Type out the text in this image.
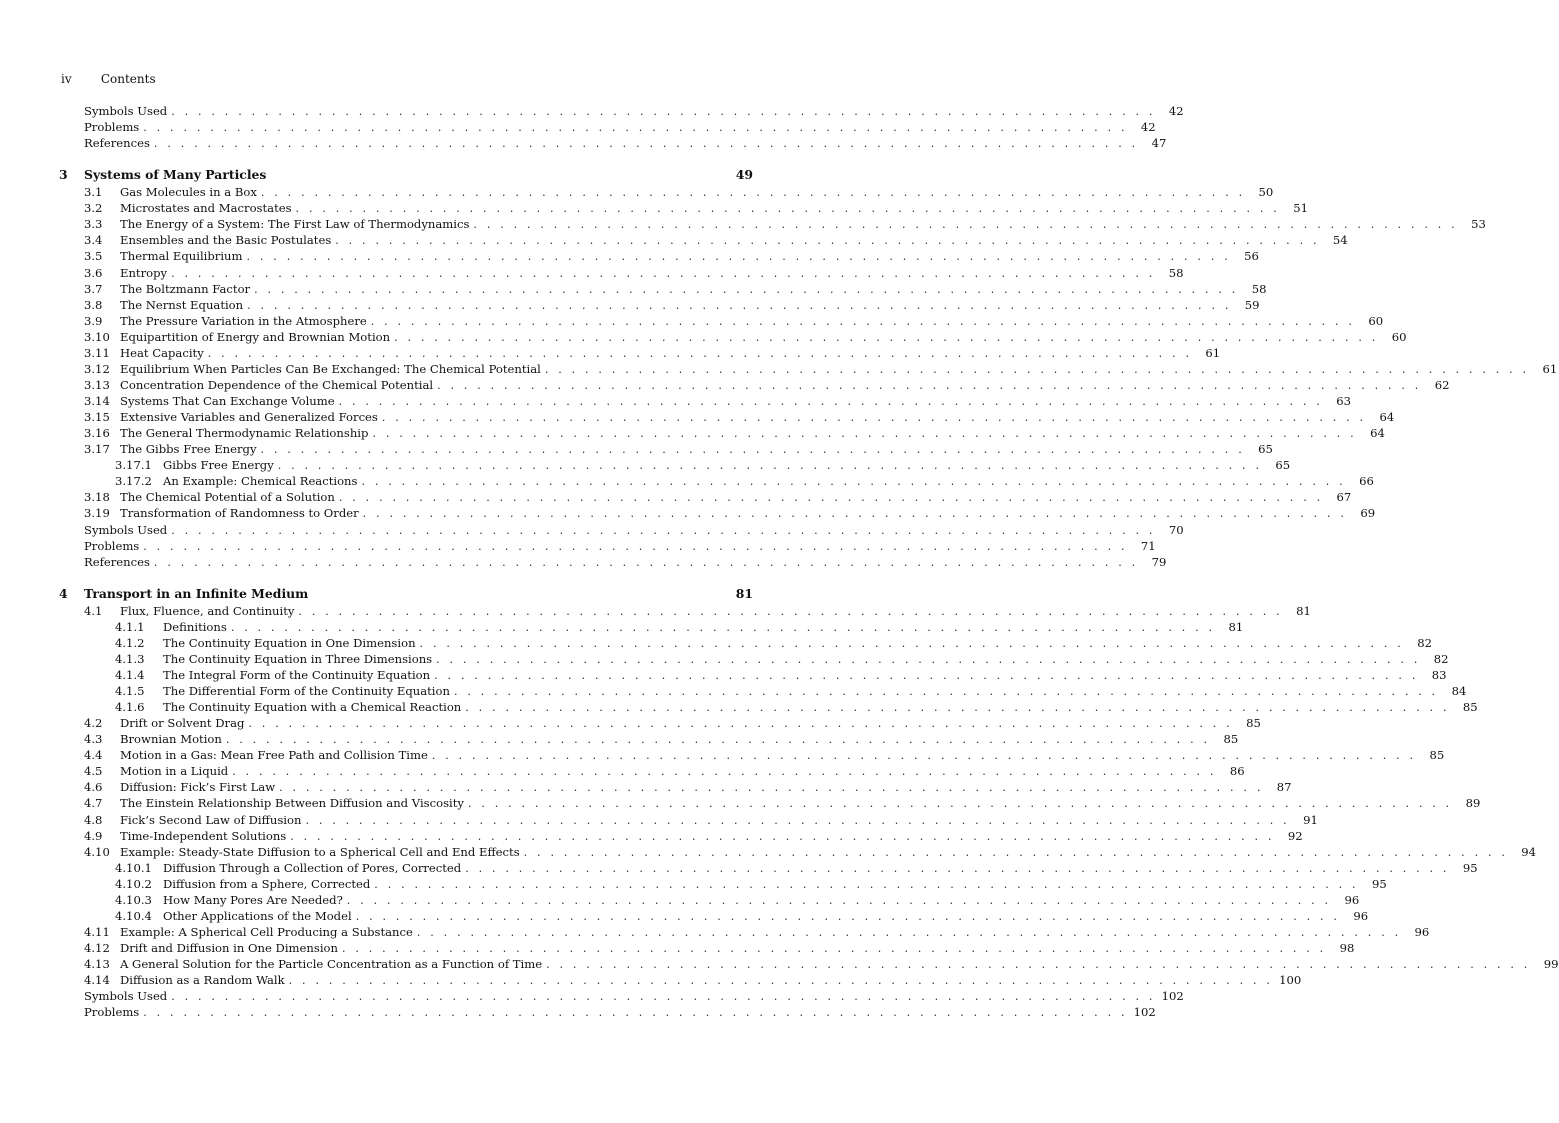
iv Contents
Symbols Used . . . . . . . . . . . . . . . . . . . . . . . . . . . . . . . . . . . . . . . . . . . . . . . . . . . . . . . . . . . . . . . . . . . . . . . . . .	42
Problems . . . . . . . . . . . . . . . . . . . . . . . . . . . . . . . . . . . . . . . . . . . . . . . . . . . . . . . . . . . . . . . . . . . . . . . . . .	42
References . . . . . . . . . . . . . . . . . . . . . . . . . . . . . . . . . . . . . . . . . . . . . . . . . . . . . . . . . . . . . . . . . . . . . . . . . .	47
3 Systems of Many Particles	49
3.1 Gas Molecules in a Box . . . . . . . . . . . . . . . . . . . . . . . . . . . . . . . . . . . . . . . . . . . . . . . . . . . . . . . . . . . . . . . . . . . . . . . . . .	50
3.2 Microstates and Macrostates . . . . . . . . . . . . . . . . . . . . . . . . . . . . . . . . . . . . . . . . . . . . . . . . . . . . . . . . . . . . . . . . . . . . . . . . . .	51
3.3 The Energy of a System: The First Law of Thermodynamics . . . . . . . . . . . . . . . . . . . . . . . . . . . . . . . . . . . . . . . . . . . . . . . . . . . . . . . . . . . . . . . . . . . . . . . . . .	53
3.4 Ensembles and the Basic Postulates . . . . . . . . . . . . . . . . . . . . . . . . . . . . . . . . . . . . . . . . . . . . . . . . . . . . . . . . . . . . . . . . . . . . . . . . . .	54
3.5 Thermal Equilibrium . . . . . . . . . . . . . . . . . . . . . . . . . . . . . . . . . . . . . . . . . . . . . . . . . . . . . . . . . . . . . . . . . . . . . . . . . .	56
3.6 Entropy . . . . . . . . . . . . . . . . . . . . . . . . . . . . . . . . . . . . . . . . . . . . . . . . . . . . . . . . . . . . . . . . . . . . . . . . . .	58
3.7 The Boltzmann Factor . . . . . . . . . . . . . . . . . . . . . . . . . . . . . . . . . . . . . . . . . . . . . . . . . . . . . . . . . . . . . . . . . . . . . . . . . .	58
3.8 The Nernst Equation . . . . . . . . . . . . . . . . . . . . . . . . . . . . . . . . . . . . . . . . . . . . . . . . . . . . . . . . . . . . . . . . . . . . . . . . . .	59
3.9 The Pressure Variation in the Atmosphere . . . . . . . . . . . . . . . . . . . . . . . . . . . . . . . . . . . . . . . . . . . . . . . . . . . . . . . . . . . . . . . . . . . . . . . . . .	60
3.10 Equipartition of Energy and Brownian Motion . . . . . . . . . . . . . . . . . . . . . . . . . . . . . . . . . . . . . . . . . . . . . . . . . . . . . . . . . . . . . . . . . . . . . . . . . .	60
3.11 Heat Capacity . . . . . . . . . . . . . . . . . . . . . . . . . . . . . . . . . . . . . . . . . . . . . . . . . . . . . . . . . . . . . . . . . . . . . . . . . .	61
3.12 Equilibrium When Particles Can Be Exchanged: The Chemical Potential . . . . . . . . . . . . . . . . . . . . . . . . . . . . . . . . . . . . . . . . . . . . . . . . . . . . . . . . . . . . . . . . . . . . . . . . . .	61
3.13 Concentration Dependence of the Chemical Potential . . . . . . . . . . . . . . . . . . . . . . . . . . . . . . . . . . . . . . . . . . . . . . . . . . . . . . . . . . . . . . . . . . . . . . . . . .	62
3.14 Systems That Can Exchange Volume . . . . . . . . . . . . . . . . . . . . . . . . . . . . . . . . . . . . . . . . . . . . . . . . . . . . . . . . . . . . . . . . . . . . . . . . . .	63
3.15 Extensive Variables and Generalized Forces . . . . . . . . . . . . . . . . . . . . . . . . . . . . . . . . . . . . . . . . . . . . . . . . . . . . . . . . . . . . . . . . . . . . . . . . . .	64
3.16 The General Thermodynamic Relationship . . . . . . . . . . . . . . . . . . . . . . . . . . . . . . . . . . . . . . . . . . . . . . . . . . . . . . . . . . . . . . . . . . . . . . . . . .	64
3.17 The Gibbs Free Energy . . . . . . . . . . . . . . . . . . . . . . . . . . . . . . . . . . . . . . . . . . . . . . . . . . . . . . . . . . . . . . . . . . . . . . . . . .	65
3.17.1 Gibbs Free Energy . . . . . . . . . . . . . . . . . . . . . . . . . . . . . . . . . . . . . . . . . . . . . . . . . . . . . . . . . . . . . . . . . . . . . . . . . .	65
3.17.2 An Example: Chemical Reactions . . . . . . . . . . . . . . . . . . . . . . . . . . . . . . . . . . . . . . . . . . . . . . . . . . . . . . . . . . . . . . . . . . . . . . . . . .	66
3.18 The Chemical Potential of a Solution . . . . . . . . . . . . . . . . . . . . . . . . . . . . . . . . . . . . . . . . . . . . . . . . . . . . . . . . . . . . . . . . . . . . . . . . . .	67
3.19 Transformation of Randomness to Order . . . . . . . . . . . . . . . . . . . . . . . . . . . . . . . . . . . . . . . . . . . . . . . . . . . . . . . . . . . . . . . . . . . . . . . . . .	69
Symbols Used . . . . . . . . . . . . . . . . . . . . . . . . . . . . . . . . . . . . . . . . . . . . . . . . . . . . . . . . . . . . . . . . . . . . . . . . . .	70
Problems . . . . . . . . . . . . . . . . . . . . . . . . . . . . . . . . . . . . . . . . . . . . . . . . . . . . . . . . . . . . . . . . . . . . . . . . . .	71
References . . . . . . . . . . . . . . . . . . . . . . . . . . . . . . . . . . . . . . . . . . . . . . . . . . . . . . . . . . . . . . . . . . . . . . . . . .	79
4 Transport in an Infinite Medium	81
4.1 Flux, Fluence, and Continuity . . . . . . . . . . . . . . . . . . . . . . . . . . . . . . . . . . . . . . . . . . . . . . . . . . . . . . . . . . . . . . . . . . . . . . . . . .	81
4.1.1 Definitions . . . . . . . . . . . . . . . . . . . . . . . . . . . . . . . . . . . . . . . . . . . . . . . . . . . . . . . . . . . . . . . . . . . . . . . . . .	81
4.1.2 The Continuity Equation in One Dimension . . . . . . . . . . . . . . . . . . . . . . . . . . . . . . . . . . . . . . . . . . . . . . . . . . . . . . . . . . . . . . . . . . . . . . . . . .	82
4.1.3 The Continuity Equation in Three Dimensions . . . . . . . . . . . . . . . . . . . . . . . . . . . . . . . . . . . . . . . . . . . . . . . . . . . . . . . . . . . . . . . . . . . . . . . . . .	82
4.1.4 The Integral Form of the Continuity Equation . . . . . . . . . . . . . . . . . . . . . . . . . . . . . . . . . . . . . . . . . . . . . . . . . . . . . . . . . . . . . . . . . . . . . . . . . .	83
4.1.5 The Differential Form of the Continuity Equation . . . . . . . . . . . . . . . . . . . . . . . . . . . . . . . . . . . . . . . . . . . . . . . . . . . . . . . . . . . . . . . . . . . . . . . . . .	84
4.1.6 The Continuity Equation with a Chemical Reaction . . . . . . . . . . . . . . . . . . . . . . . . . . . . . . . . . . . . . . . . . . . . . . . . . . . . . . . . . . . . . . . . . . . . . . . . . .	85
4.2 Drift or Solvent Drag . . . . . . . . . . . . . . . . . . . . . . . . . . . . . . . . . . . . . . . . . . . . . . . . . . . . . . . . . . . . . . . . . . . . . . . . . .	85
4.3 Brownian Motion . . . . . . . . . . . . . . . . . . . . . . . . . . . . . . . . . . . . . . . . . . . . . . . . . . . . . . . . . . . . . . . . . . . . . . . . . .	85
4.4 Motion in a Gas: Mean Free Path and Collision Time . . . . . . . . . . . . . . . . . . . . . . . . . . . . . . . . . . . . . . . . . . . . . . . . . . . . . . . . . . . . . . . . . . . . . . . . . .	85
4.5 Motion in a Liquid . . . . . . . . . . . . . . . . . . . . . . . . . . . . . . . . . . . . . . . . . . . . . . . . . . . . . . . . . . . . . . . . . . . . . . . . . .	86
4.6 Diffusion: Fick’s First Law . . . . . . . . . . . . . . . . . . . . . . . . . . . . . . . . . . . . . . . . . . . . . . . . . . . . . . . . . . . . . . . . . . . . . . . . . .	87
4.7 The Einstein Relationship Between Diffusion and Viscosity . . . . . . . . . . . . . . . . . . . . . . . . . . . . . . . . . . . . . . . . . . . . . . . . . . . . . . . . . . . . . . . . . . . . . . . . . .	89
4.8 Fick’s Second Law of Diffusion . . . . . . . . . . . . . . . . . . . . . . . . . . . . . . . . . . . . . . . . . . . . . . . . . . . . . . . . . . . . . . . . . . . . . . . . . .	91
4.9 Time-Independent Solutions . . . . . . . . . . . . . . . . . . . . . . . . . . . . . . . . . . . . . . . . . . . . . . . . . . . . . . . . . . . . . . . . . . . . . . . . . .	92
4.10 Example: Steady-State Diffusion to a Spherical Cell and End Effects . . . . . . . . . . . . . . . . . . . . . . . . . . . . . . . . . . . . . . . . . . . . . . . . . . . . . . . . . . . . . . . . . . . . . . . . . .	94
4.10.1 Diffusion Through a Collection of Pores, Corrected . . . . . . . . . . . . . . . . . . . . . . . . . . . . . . . . . . . . . . . . . . . . . . . . . . . . . . . . . . . . . . . . . . . . . . . . . .	95
4.10.2 Diffusion from a Sphere, Corrected . . . . . . . . . . . . . . . . . . . . . . . . . . . . . . . . . . . . . . . . . . . . . . . . . . . . . . . . . . . . . . . . . . . . . . . . . .	95
4.10.3 How Many Pores Are Needed? . . . . . . . . . . . . . . . . . . . . . . . . . . . . . . . . . . . . . . . . . . . . . . . . . . . . . . . . . . . . . . . . . . . . . . . . . .	96
4.10.4 Other Applications of the Model . . . . . . . . . . . . . . . . . . . . . . . . . . . . . . . . . . . . . . . . . . . . . . . . . . . . . . . . . . . . . . . . . . . . . . . . . .	96
4.11 Example: A Spherical Cell Producing a Substance . . . . . . . . . . . . . . . . . . . . . . . . . . . . . . . . . . . . . . . . . . . . . . . . . . . . . . . . . . . . . . . . . . . . . . . . . .	96
4.12 Drift and Diffusion in One Dimension . . . . . . . . . . . . . . . . . . . . . . . . . . . . . . . . . . . . . . . . . . . . . . . . . . . . . . . . . . . . . . . . . . . . . . . . . .	98
4.13 A General Solution for the Particle Concentration as a Function of Time . . . . . . . . . . . . . . . . . . . . . . . . . . . . . . . . . . . . . . . . . . . . . . . . . . . . . . . . . . . . . . . . . . . . . . . . . .	99
4.14 Diffusion as a Random Walk . . . . . . . . . . . . . . . . . . . . . . . . . . . . . . . . . . . . . . . . . . . . . . . . . . . . . . . . . . . . . . . . . . . . . . . . . . 100
Symbols Used . . . . . . . . . . . . . . . . . . . . . . . . . . . . . . . . . . . . . . . . . . . . . . . . . . . . . . . . . . . . . . . . . . . . . . . . . . 102
Problems . . . . . . . . . . . . . . . . . . . . . . . . . . . . . . . . . . . . . . . . . . . . . . . . . . . . . . . . . . . . . . . . . . . . . . . . . . 102
